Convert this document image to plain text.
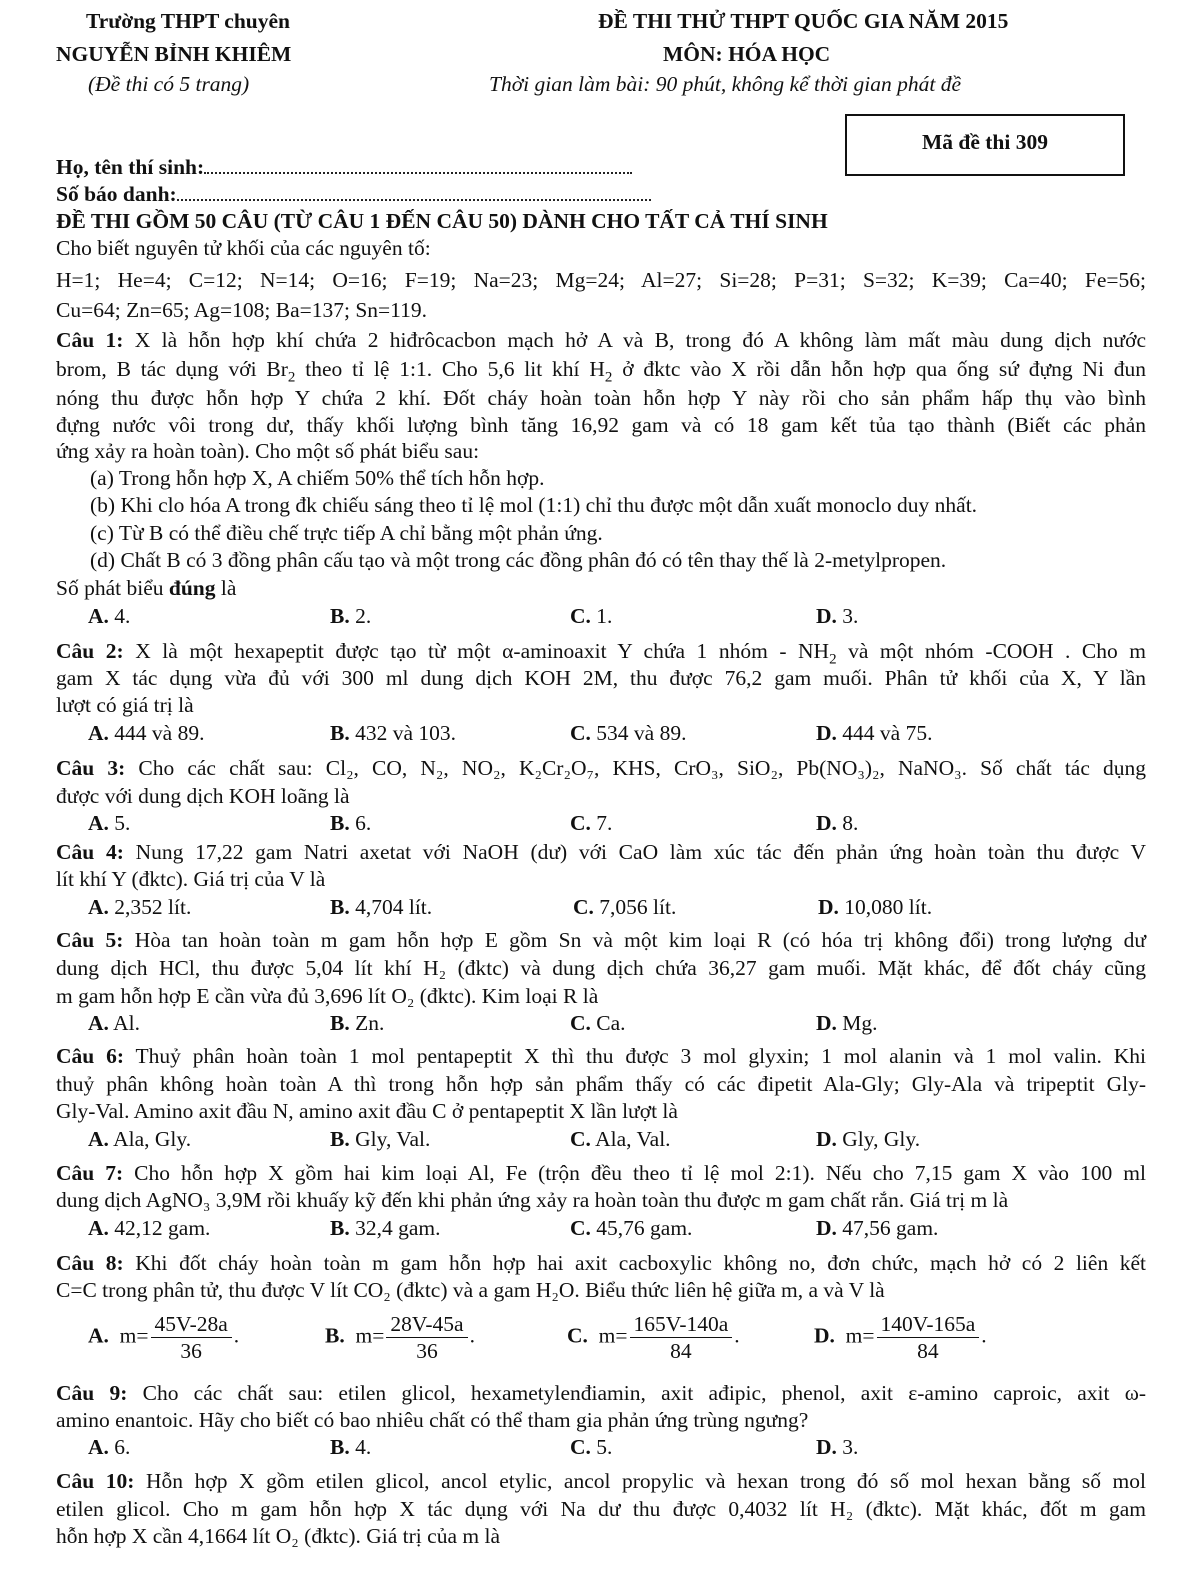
Trường THPT chuyên
NGUYỄN BỈNH KHIÊM
(Đề thi có 5 trang)
ĐỀ THI THỬ THPT QUỐC GIA NĂM 2015
MÔN: HÓA HỌC
Thời gian làm bài: 90 phút, không kể thời gian phát đề
Mã đề thi 309
Họ, tên thí sinh:
Số báo danh:
ĐỀ THI GỒM 50 CÂU (TỪ CÂU 1 ĐẾN CÂU 50) DÀNH CHO TẤT CẢ THÍ SINH
Cho biết nguyên tử khối của các nguyên tố:
H=1; He=4; C=12; N=14; O=16; F=19; Na=23; Mg=24; Al=27; Si=28; P=31; S=32; K=39; Ca=40; Fe=56;
Cu=64; Zn=65; Ag=108; Ba=137; Sn=119.
Câu 1: X là hỗn hợp khí chứa 2 hiđrôcacbon mạch hở A và B, trong đó A không làm mất màu dung dịch nước
brom, B tác dụng với $Br_2$ theo tỉ lệ 1:1. Cho 5,6 lit khí $H_2$ ở đktc vào X rồi dẫn hỗn hợp qua ống sứ đựng Ni đun
nóng thu được hỗn hợp Y chứa 2 khí. Đốt cháy hoàn toàn hỗn hợp Y này rồi cho sản phẩm hấp thụ vào bình
đựng nước vôi trong dư, thấy khối lượng bình tăng 16,92 gam và có 18 gam kết tủa tạo thành (Biết các phản
ứng xảy ra hoàn toàn). Cho một số phát biểu sau:
(a) Trong hỗn hợp X, A chiếm 50% thể tích hỗn hợp.
(b) Khi clo hóa A trong đk chiếu sáng theo tỉ lệ mol (1:1) chỉ thu được một dẫn xuất monoclo duy nhất.
(c) Từ B có thể điều chế trực tiếp A chỉ bằng một phản ứng.
(d) Chất B có 3 đồng phân cấu tạo và một trong các đồng phân đó có tên thay thế là 2-metylpropen.
Số phát biểu đúng là
A. 4.	B. 2.	C. 1.	D. 3.
Câu 2: X là một hexapeptit được tạo từ một α-aminoaxit Y chứa 1 nhóm - $NH_2$ và một nhóm -COOH . Cho m
gam X tác dụng vừa đủ với 300 ml dung dịch KOH 2M, thu được 76,2 gam muối. Phân tử khối của X, Y lần
lượt có giá trị là
A. 444 và 89.	B. 432 và 103.	C. 534 và 89.	D. 444 và 75.
Câu 3: Cho các chất sau: Cl₂, CO, N₂, NO₂, K₂Cr₂O₇, KHS, CrO₃, SiO₂, Pb(NO₃)₂, NaNO₃. Số chất tác dụng
được với dung dịch KOH loãng là
A. 5.	B. 6.	C. 7.	D. 8.
Câu 4: Nung 17,22 gam Natri axetat với NaOH (dư) với CaO làm xúc tác đến phản ứng hoàn toàn thu được V
lít khí Y (đktc). Giá trị của V là
A. 2,352 lít.	B. 4,704 lít.	C. 7,056 lít.	D. 10,080 lít.
Câu 5: Hòa tan hoàn toàn m gam hỗn hợp E gồm Sn và một kim loại R (có hóa trị không đổi) trong lượng dư
dung dịch HCl, thu được 5,04 lít khí H₂ (đktc) và dung dịch chứa 36,27 gam muối. Mặt khác, để đốt cháy cũng
m gam hỗn hợp E cần vừa đủ 3,696 lít O₂ (đktc). Kim loại R là
A. Al.	B. Zn.	C. Ca.	D. Mg.
Câu 6: Thuỷ phân hoàn toàn 1 mol pentapeptit X thì thu được 3 mol glyxin; 1 mol alanin và 1 mol valin. Khi
thuỷ phân không hoàn toàn A thì trong hỗn hợp sản phẩm thấy có các đipetit Ala-Gly; Gly-Ala và tripeptit Gly-
Gly-Val. Amino axit đầu N, amino axit đầu C ở pentapeptit X lần lượt là
A. Ala, Gly.	B. Gly, Val.	C. Ala, Val.	D. Gly, Gly.
Câu 7: Cho hỗn hợp X gồm hai kim loại Al, Fe (trộn đều theo tỉ lệ mol 2:1). Nếu cho 7,15 gam X vào 100 ml
dung dịch AgNO₃ 3,9M rồi khuấy kỹ đến khi phản ứng xảy ra hoàn toàn thu được m gam chất rắn. Giá trị m là
A. 42,12 gam.	B. 32,4 gam.	C. 45,76 gam.	D. 47,56 gam.
Câu 8: Khi đốt cháy hoàn toàn m gam hỗn hợp hai axit cacboxylic không no, đơn chức, mạch hở có 2 liên kết
C=C trong phân tử, thu được V lít CO₂ (đktc) và a gam H₂O. Biểu thức liên hệ giữa m, a và V là
A. $m= \frac{45V-28a}{36}$ .	B. $m= \frac{28V-45a}{36}$ .	C. $m= \frac{165V-140a}{84}$ .	D. $m= \frac{140V-165a}{84}$ .
Câu 9: Cho các chất sau: etilen glicol, hexametylenđiamin, axit ađipic, phenol, axit ε-amino caproic, axit ω-
amino enantoic. Hãy cho biết có bao nhiêu chất có thể tham gia phản ứng trùng ngưng?
A. 6.	B. 4.	C. 5.	D. 3.
Câu 10: Hỗn hợp X gồm etilen glicol, ancol etylic, ancol propylic và hexan trong đó số mol hexan bằng số mol
etilen glicol. Cho m gam hỗn hợp X tác dụng với Na dư thu được 0,4032 lít H₂ (đktc). Mặt khác, đốt m gam
hỗn hợp X cần 4,1664 lít O₂ (đktc). Giá trị của m là
